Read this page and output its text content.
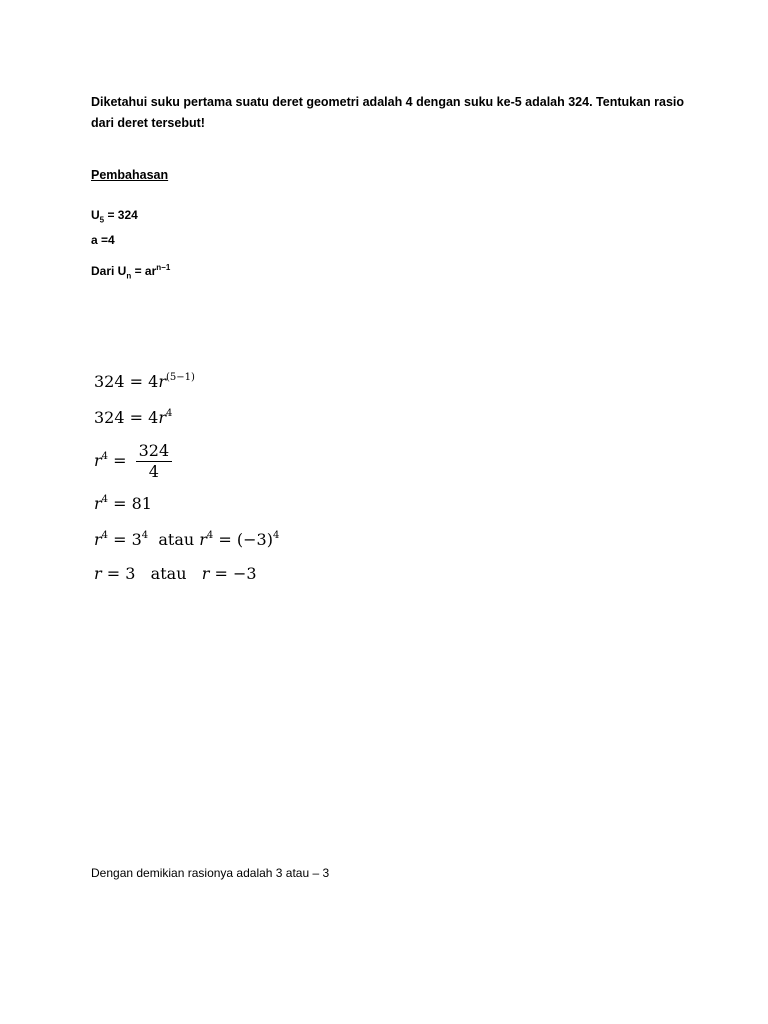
Diketahui suku pertama suatu deret geometri adalah 4 dengan suku ke-5 adalah 324. Tentukan rasio dari deret tersebut!
Pembahasan
$U_5 = 324$
a =4
Dari $U_n = ar^{n-1}$
$324 = 4r^{(5-1)}$
$324 = 4r^4$
$r^4 = \frac{324}{4}$
$r^4 = 81$
$r^4 = 3^4$  atau $r^4 = (-3)^4$
r = 3   atau   r = −3
Dengan demikian rasionya adalah 3 atau – 3
